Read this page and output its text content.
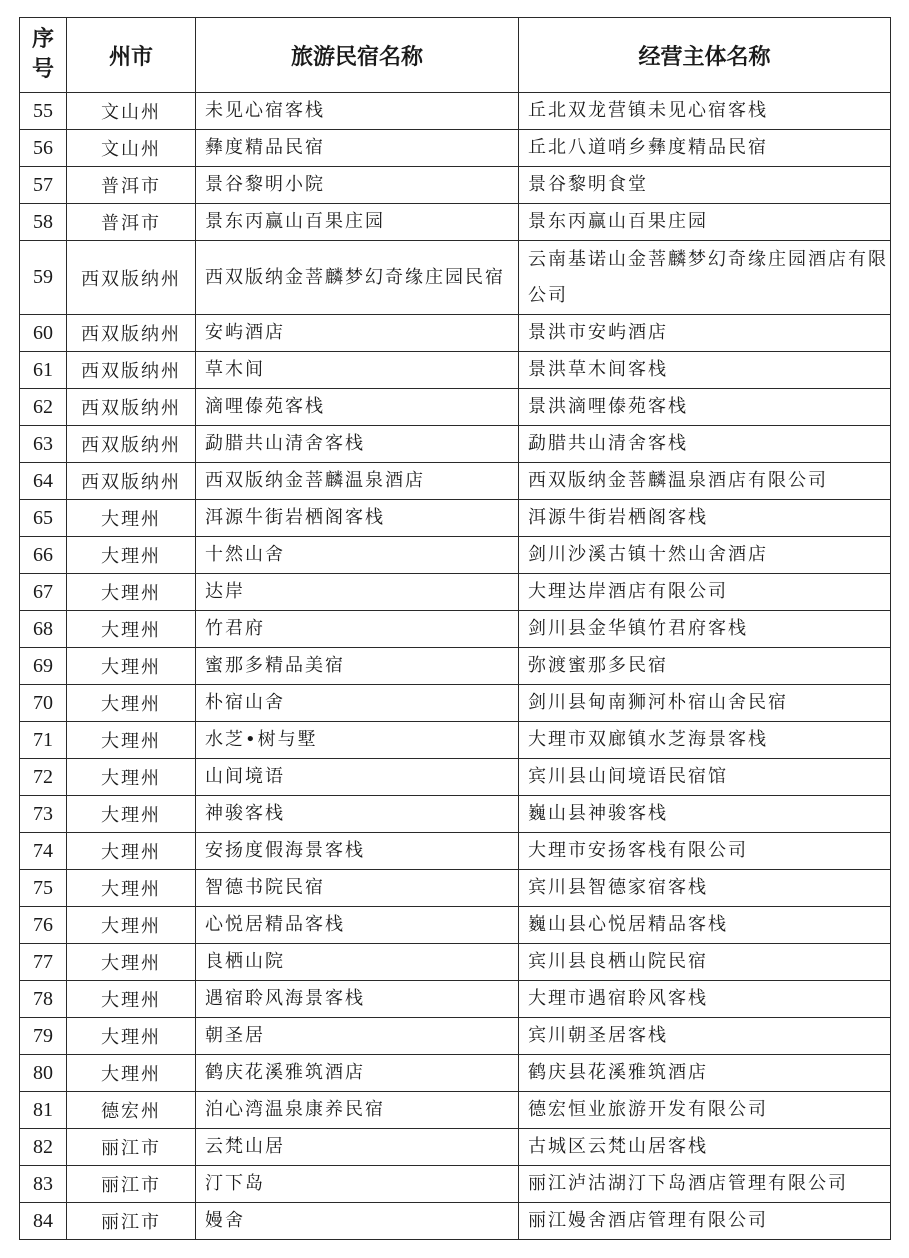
序
号	州市	旅游民宿名称	经营主体名称
55	文山州	未见心宿客栈	丘北双龙营镇未见心宿客栈
56	文山州	彝度精品民宿	丘北八道哨乡彝度精品民宿
57	普洱市	景谷黎明小院	景谷黎明食堂
58	普洱市	景东丙赢山百果庄园	景东丙赢山百果庄园
59	西双版纳州	西双版纳金菩麟梦幻奇缘庄园民宿	云南基诺山金菩麟梦幻奇缘庄园酒店有限公司
60	西双版纳州	安屿酒店	景洪市安屿酒店
61	西双版纳州	草木间	景洪草木间客栈
62	西双版纳州	滴哩傣苑客栈	景洪滴哩傣苑客栈
63	西双版纳州	勐腊共山清舍客栈	勐腊共山清舍客栈
64	西双版纳州	西双版纳金菩麟温泉酒店	西双版纳金菩麟温泉酒店有限公司
65	大理州	洱源牛街岩栖阁客栈	洱源牛街岩栖阁客栈
66	大理州	十然山舍	剑川沙溪古镇十然山舍酒店
67	大理州	达岸	大理达岸酒店有限公司
68	大理州	竹君府	剑川县金华镇竹君府客栈
69	大理州	蜜那多精品美宿	弥渡蜜那多民宿
70	大理州	朴宿山舍	剑川县甸南狮河朴宿山舍民宿
71	大理州	水芝•树与墅	大理市双廊镇水芝海景客栈
72	大理州	山间境语	宾川县山间境语民宿馆
73	大理州	神骏客栈	巍山县神骏客栈
74	大理州	安扬度假海景客栈	大理市安扬客栈有限公司
75	大理州	智德书院民宿	宾川县智德家宿客栈
76	大理州	心悦居精品客栈	巍山县心悦居精品客栈
77	大理州	良栖山院	宾川县良栖山院民宿
78	大理州	遇宿聆风海景客栈	大理市遇宿聆风客栈
79	大理州	朝圣居	宾川朝圣居客栈
80	大理州	鹤庆花溪雅筑酒店	鹤庆县花溪雅筑酒店
81	德宏州	泊心湾温泉康养民宿	德宏恒业旅游开发有限公司
82	丽江市	云梵山居	古城区云梵山居客栈
83	丽江市	汀下岛	丽江泸沽湖汀下岛酒店管理有限公司
84	丽江市	嫚舍	丽江嫚舍酒店管理有限公司
